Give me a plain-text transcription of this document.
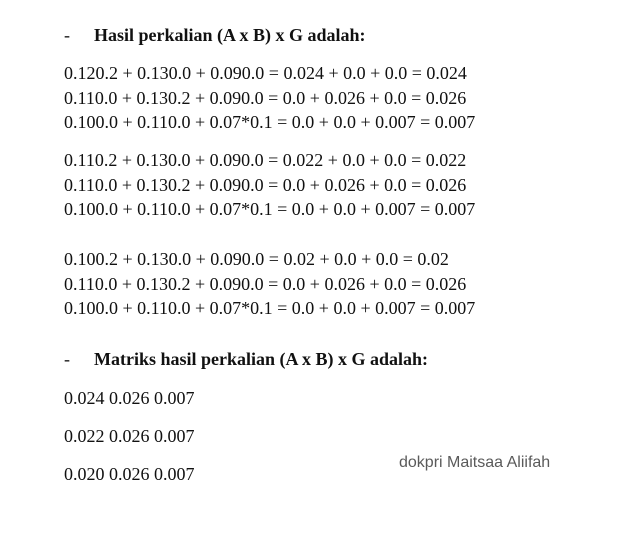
- Hasil perkalian (A x B) x G adalah:
0.120.2 + 0.130.0 + 0.090.0 = 0.024 + 0.0 + 0.0 = 0.024
0.110.0 + 0.130.2 + 0.090.0 = 0.0 + 0.026 + 0.0 = 0.026
0.100.0 + 0.110.0 + 0.07*0.1 = 0.0 + 0.0 + 0.007 = 0.007
0.110.2 + 0.130.0 + 0.090.0 = 0.022 + 0.0 + 0.0 = 0.022
0.110.0 + 0.130.2 + 0.090.0 = 0.0 + 0.026 + 0.0 = 0.026
0.100.0 + 0.110.0 + 0.07*0.1 = 0.0 + 0.0 + 0.007 = 0.007
0.100.2 + 0.130.0 + 0.090.0 = 0.02 + 0.0 + 0.0 = 0.02
0.110.0 + 0.130.2 + 0.090.0 = 0.0 + 0.026 + 0.0 = 0.026
0.100.0 + 0.110.0 + 0.07*0.1 = 0.0 + 0.0 + 0.007 = 0.007
- Matriks hasil perkalian (A x B) x G adalah:
0.024 0.026 0.007
0.022 0.026 0.007
0.020 0.026 0.007
dokpri Maitsaa Aliifah
